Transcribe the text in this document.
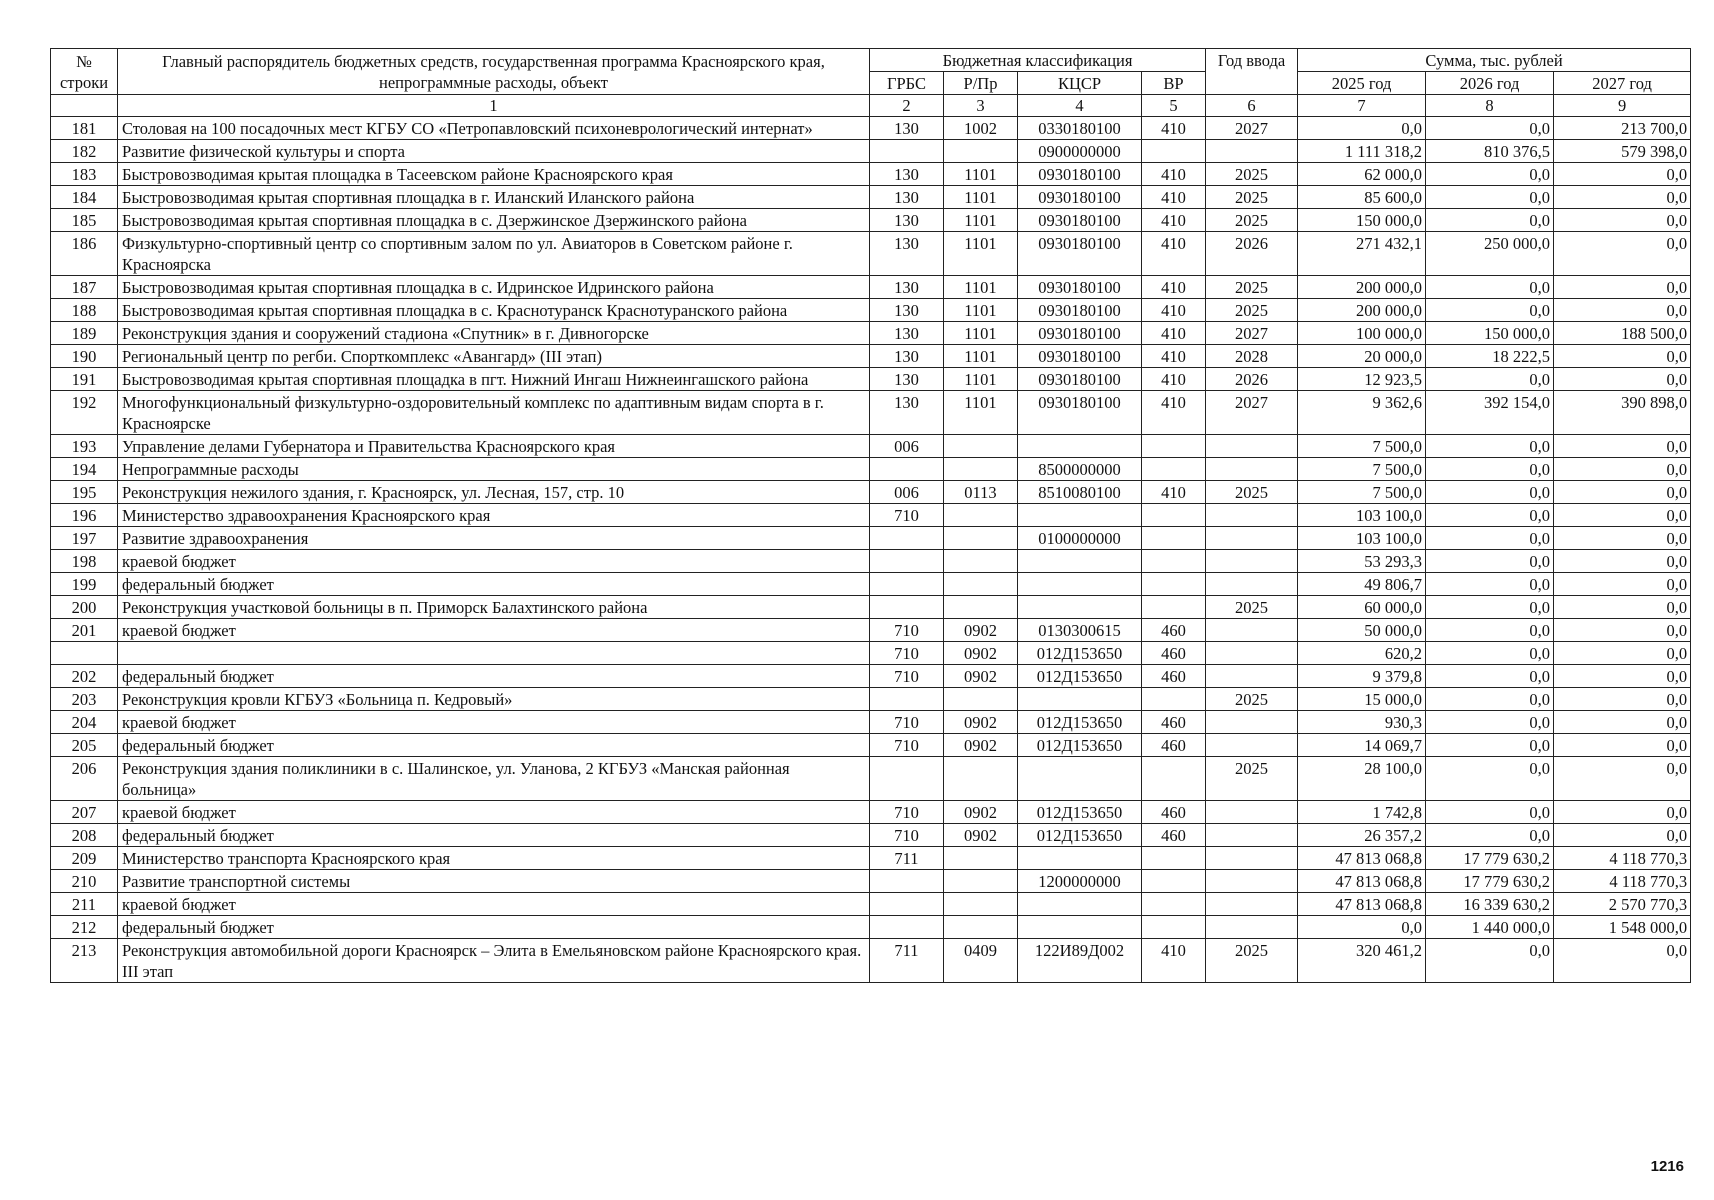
№ строки	Главный распорядитель бюджетных средств, государственная программа Красноярского края, непрограммные расходы, объект	Бюджетная классификация				Год ввода	Сумма, тыс. рублей		
		ГРБС	Р/Пр	КЦСР	ВР		2025 год	2026 год	2027 год
	1	2	3	4	5	6	7	8	9
181	Столовая на 100 посадочных мест КГБУ СО «Петропавловский психоневрологический интернат»	130	1002	0330180100	410	2027	0,0	0,0	213 700,0
182	Развитие физической культуры и спорта			0900000000			1 111 318,2	810 376,5	579 398,0
183	Быстровозводимая крытая площадка в Тасеевском районе Красноярского края	130	1101	0930180100	410	2025	62 000,0	0,0	0,0
184	Быстровозводимая крытая спортивная площадка в г. Иланский Иланского района	130	1101	0930180100	410	2025	85 600,0	0,0	0,0
185	Быстровозводимая крытая спортивная площадка в с. Дзержинское Дзержинского района	130	1101	0930180100	410	2025	150 000,0	0,0	0,0
186	Физкультурно-спортивный центр со спортивным залом по ул. Авиаторов в Советском районе г. Красноярска	130	1101	0930180100	410	2026	271 432,1	250 000,0	0,0
187	Быстровозводимая крытая спортивная площадка в с. Идринское Идринского района	130	1101	0930180100	410	2025	200 000,0	0,0	0,0
188	Быстровозводимая крытая спортивная площадка в с. Краснотуранск Краснотуранского района	130	1101	0930180100	410	2025	200 000,0	0,0	0,0
189	Реконструкция здания и сооружений стадиона «Спутник» в г. Дивногорске	130	1101	0930180100	410	2027	100 000,0	150 000,0	188 500,0
190	Региональный центр по регби. Спорткомплекс «Авангард» (III этап)	130	1101	0930180100	410	2028	20 000,0	18 222,5	0,0
191	Быстровозводимая крытая спортивная площадка в пгт. Нижний Ингаш Нижнеингашского района	130	1101	0930180100	410	2026	12 923,5	0,0	0,0
192	Многофункциональный физкультурно-оздоровительный комплекс по адаптивным видам спорта в г. Красноярске	130	1101	0930180100	410	2027	9 362,6	392 154,0	390 898,0
193	Управление делами Губернатора и Правительства Красноярского края	006					7 500,0	0,0	0,0
194	Непрограммные расходы			8500000000			7 500,0	0,0	0,0
195	Реконструкция нежилого здания, г. Красноярск, ул. Лесная, 157, стр. 10	006	0113	8510080100	410	2025	7 500,0	0,0	0,0
196	Министерство здравоохранения Красноярского края	710					103 100,0	0,0	0,0
197	Развитие здравоохранения			0100000000			103 100,0	0,0	0,0
198	краевой бюджет						53 293,3	0,0	0,0
199	федеральный бюджет						49 806,7	0,0	0,0
200	Реконструкция участковой больницы в п. Приморск Балахтинского района					2025	60 000,0	0,0	0,0
201	краевой бюджет	710	0902	0130300615	460		50 000,0	0,0	0,0
		710	0902	012Д153650	460		620,2	0,0	0,0
202	федеральный бюджет	710	0902	012Д153650	460		9 379,8	0,0	0,0
203	Реконструкция кровли КГБУЗ «Больница п. Кедровый»					2025	15 000,0	0,0	0,0
204	краевой бюджет	710	0902	012Д153650	460		930,3	0,0	0,0
205	федеральный бюджет	710	0902	012Д153650	460		14 069,7	0,0	0,0
206	Реконструкция здания поликлиники в с. Шалинское, ул. Уланова, 2 КГБУЗ «Манская районная больница»					2025	28 100,0	0,0	0,0
207	краевой бюджет	710	0902	012Д153650	460		1 742,8	0,0	0,0
208	федеральный бюджет	710	0902	012Д153650	460		26 357,2	0,0	0,0
209	Министерство транспорта Красноярского края	711					47 813 068,8	17 779 630,2	4 118 770,3
210	Развитие транспортной системы			1200000000			47 813 068,8	17 779 630,2	4 118 770,3
211	краевой бюджет						47 813 068,8	16 339 630,2	2 570 770,3
212	федеральный бюджет						0,0	1 440 000,0	1 548 000,0
213	Реконструкция автомобильной дороги Красноярск – Элита в Емельяновском районе Красноярского края. III этап	711	0409	122И89Д002	410	2025	320 461,2	0,0	0,0
1216
